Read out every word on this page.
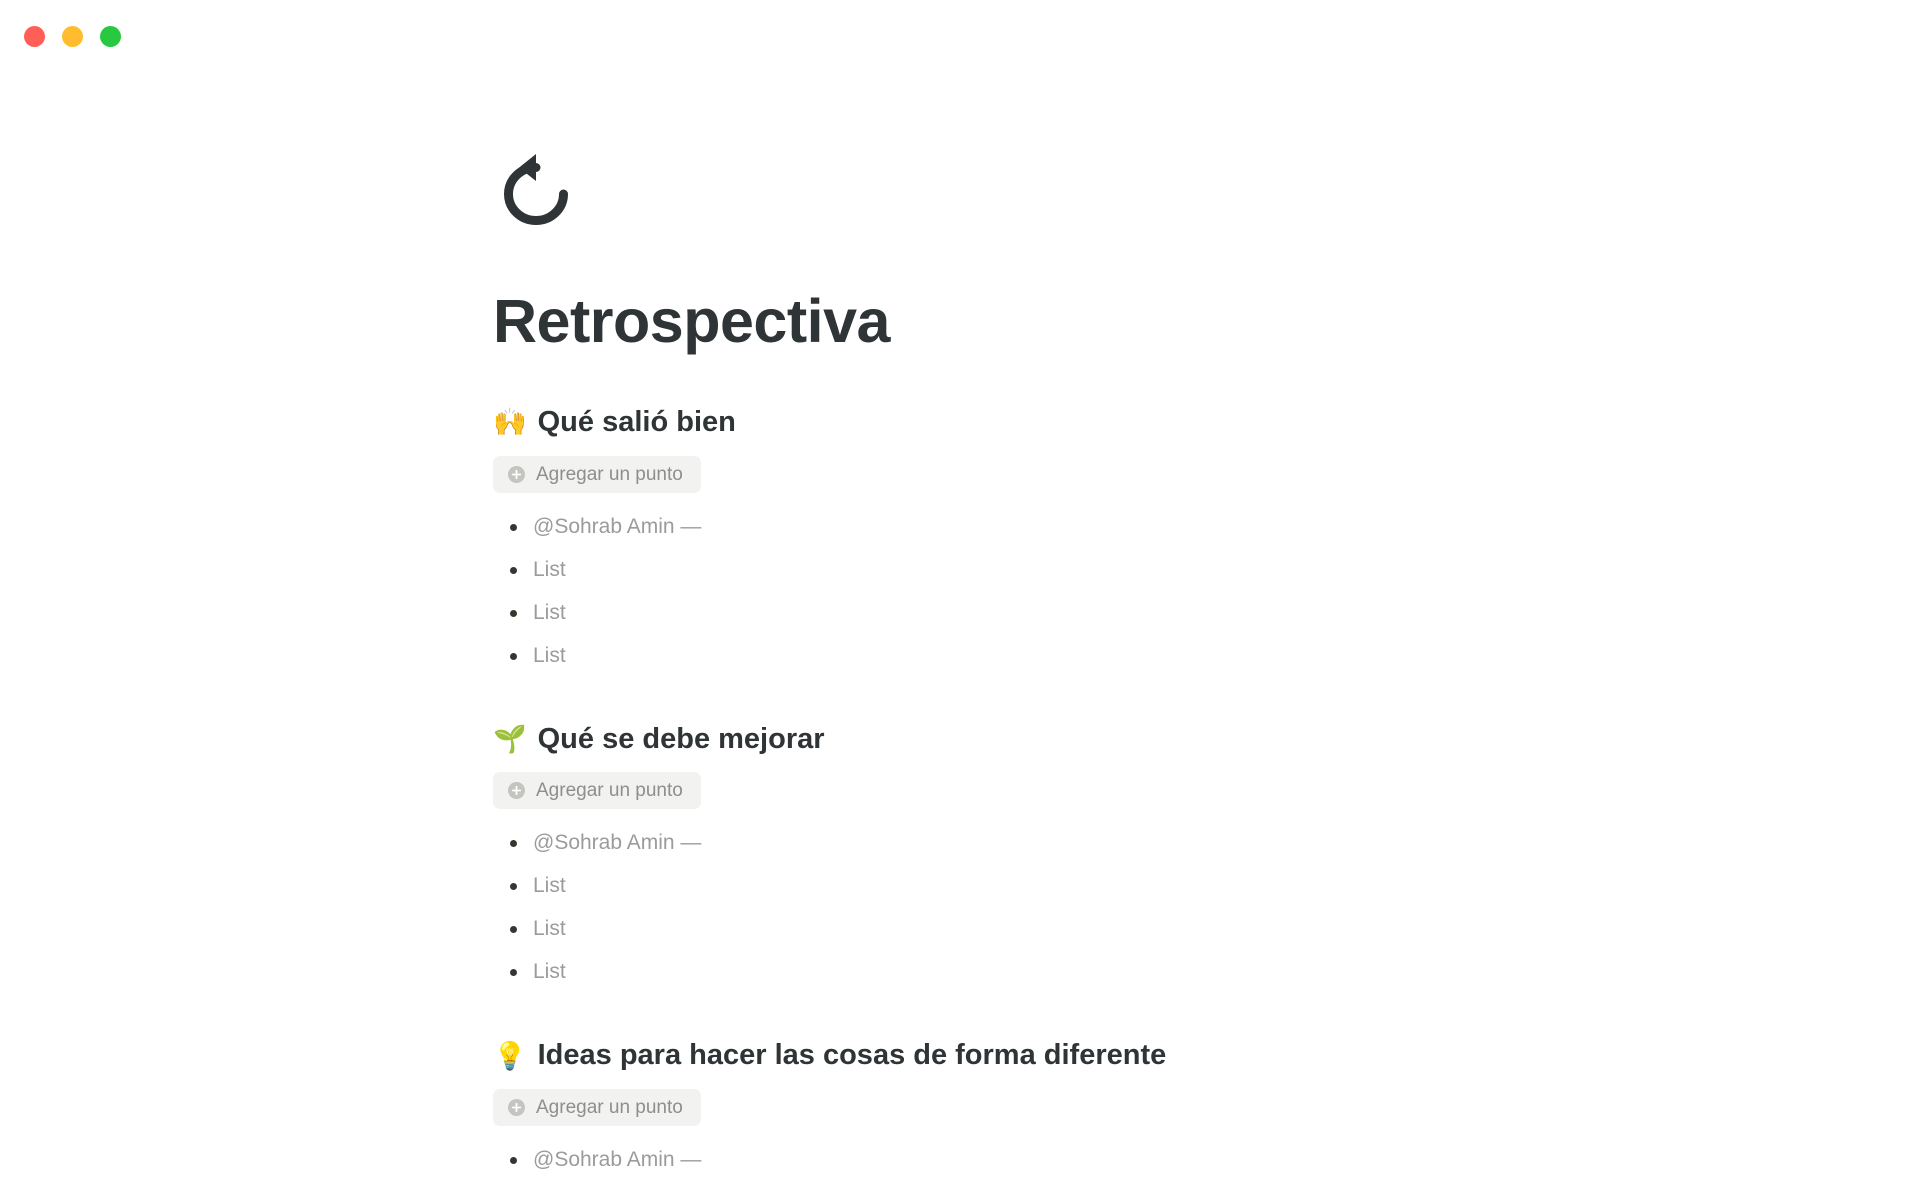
Retrospectiva
🙌 Qué salió bien
Agregar un punto
@Sohrab Amin —
List
List
List
🌱 Qué se debe mejorar
Agregar un punto
@Sohrab Amin —
List
List
List
💡 Ideas para hacer las cosas de forma diferente
Agregar un punto
@Sohrab Amin —
